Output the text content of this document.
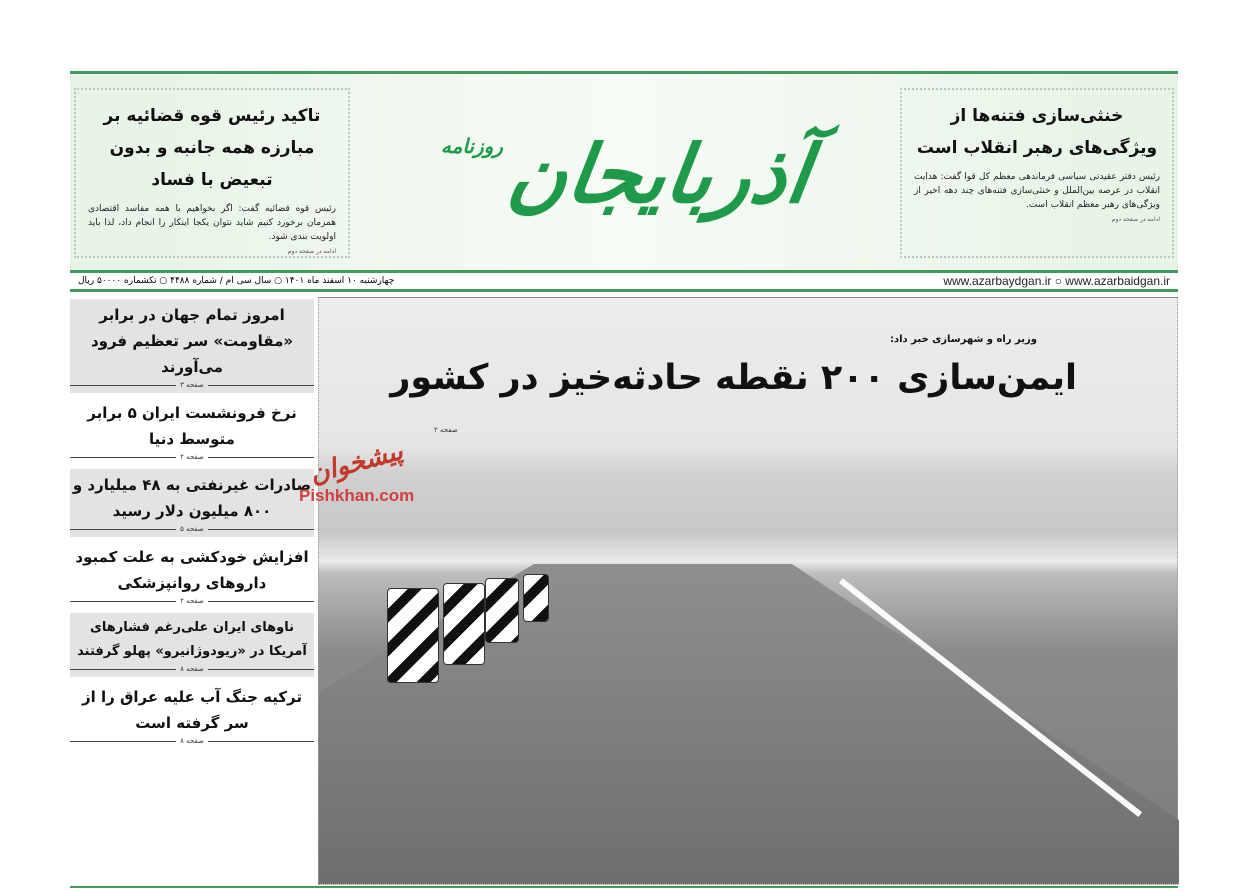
خنثی‌سازی فتنه‌ها از ویژگی‌های رهبر انقلاب است

رئیس دفتر عقیدتی سیاسی فرماندهی معظم کل قوا گفت: هدایت انقلاب در عرصه بین‌الملل و خنثی‌سازی فتنه‌های چند دهه اخیر از ویژگی‌های رهبر معظم انقلاب است.

ادامه در صفحه دوم
آذربایجان
روزنامه
تاکید رئیس قوه قضائیه بر مبارزه همه جانبه و بدون تبعیض با فساد

رئیس قوه قضائیه گفت: اگر بخواهیم با همه مفاسد اقتصادی همزمان برخورد کنیم شاید نتوان یکجا اینکار را انجام داد، لذا باید اولویت بندی شود.

ادامه در صفحه دوم
چهارشنبه ۱۰ اسفند ماه ۱۴۰۱ ○ سال سی ام / شماره ۴۴۸۸ ○ تکشماره ۵۰۰۰۰ ریال	www.azarbaydgan.ir ○ www.azarbaidgan.ir
امروز تمام جهان در برابر «مقاومت» سر تعظیم فرود می‌آورند
صفحه ۳
نرخ فرونشست ایران ۵ برابر متوسط دنیا
صفحه ۲
صادرات غیرنفتی به ۴۸ میلیارد و ۸۰۰ میلیون دلار رسید
صفحه ۵
افزایش خودکشی به علت کمبود داروهای روانپزشکی
صفحه ۲
ناوهای ایران علی‌رغم فشارهای آمریکا در «ریودوژانیرو» پهلو گرفتند
صفحه ۸
ترکیه جنگ آب علیه عراق را از سر گرفته است
صفحه ۸
وزیر راه و شهرسازی خبر داد:
ایمن‌سازی ۲۰۰ نقطه حادثه‌خیز در کشور
صفحه ۲
پیشخوان
Pishkhan.com
